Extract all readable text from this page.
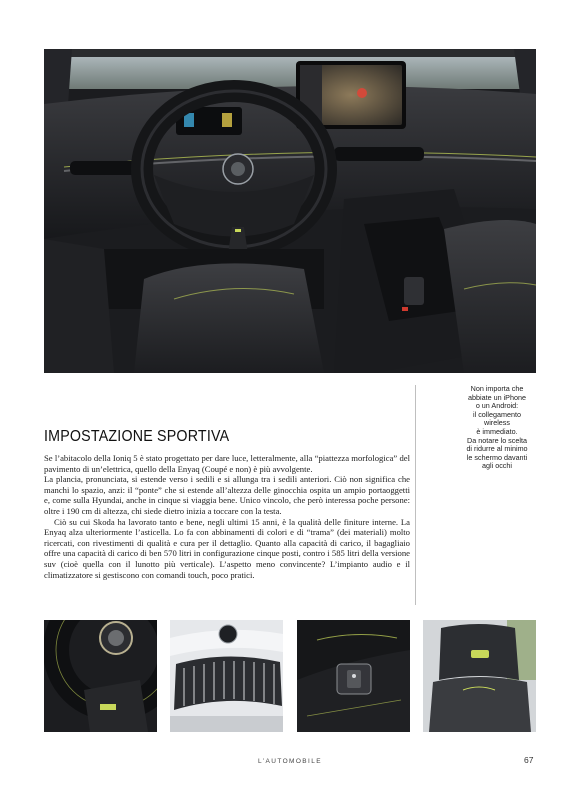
Non importa che
abbiate un iPhone
o un Android:
il collegamento
wireless
è immediato.
Da notare lo scelta
di ridurre al minimo
le schermo davanti
agli occhi
IMPOSTAZIONE SPORTIVA

Se l’abitacolo della Ioniq 5 è stato progettato per dare luce, letteralmente, alla “piattezza morfologica” del pavimento di un’elettrica, quello della Enyaq (Coupé e non) è più avvolgente.

La plancia, pronunciata, si estende verso i sedili e si allunga tra i sedili anteriori. Ciò non significa che manchi lo spazio, anzi: il “ponte” che si estende all’altezza delle ginocchia ospita un ampio portaoggetti e, come sulla Hyundai, anche in cinque si viaggia bene. Unico vincolo, che però interessa poche persone: oltre i 190 cm di altezza, chi siede dietro inizia a toccare con la testa.

Ciò su cui Skoda ha lavorato tanto e bene, negli ultimi 15 anni, è la qualità delle finiture interne. La Enyaq alza ulteriormente l’asticella. Lo fa con abbinamenti di colori e di “trama” (dei materiali) molto ricercati, con rivestimenti di qualità e cura per il dettaglio. Quanto alla capacità di carico, il bagagliaio offre una capacità di carico di ben 570 litri in configurazione cinque posti, contro i 585 litri della versione suv (cioè quella con il lunotto più verticale). L’aspetto meno convincente? L’impianto audio e il climatizzatore si gestiscono con comandi touch, poco pratici.

L’AUTOMOBILE	67
